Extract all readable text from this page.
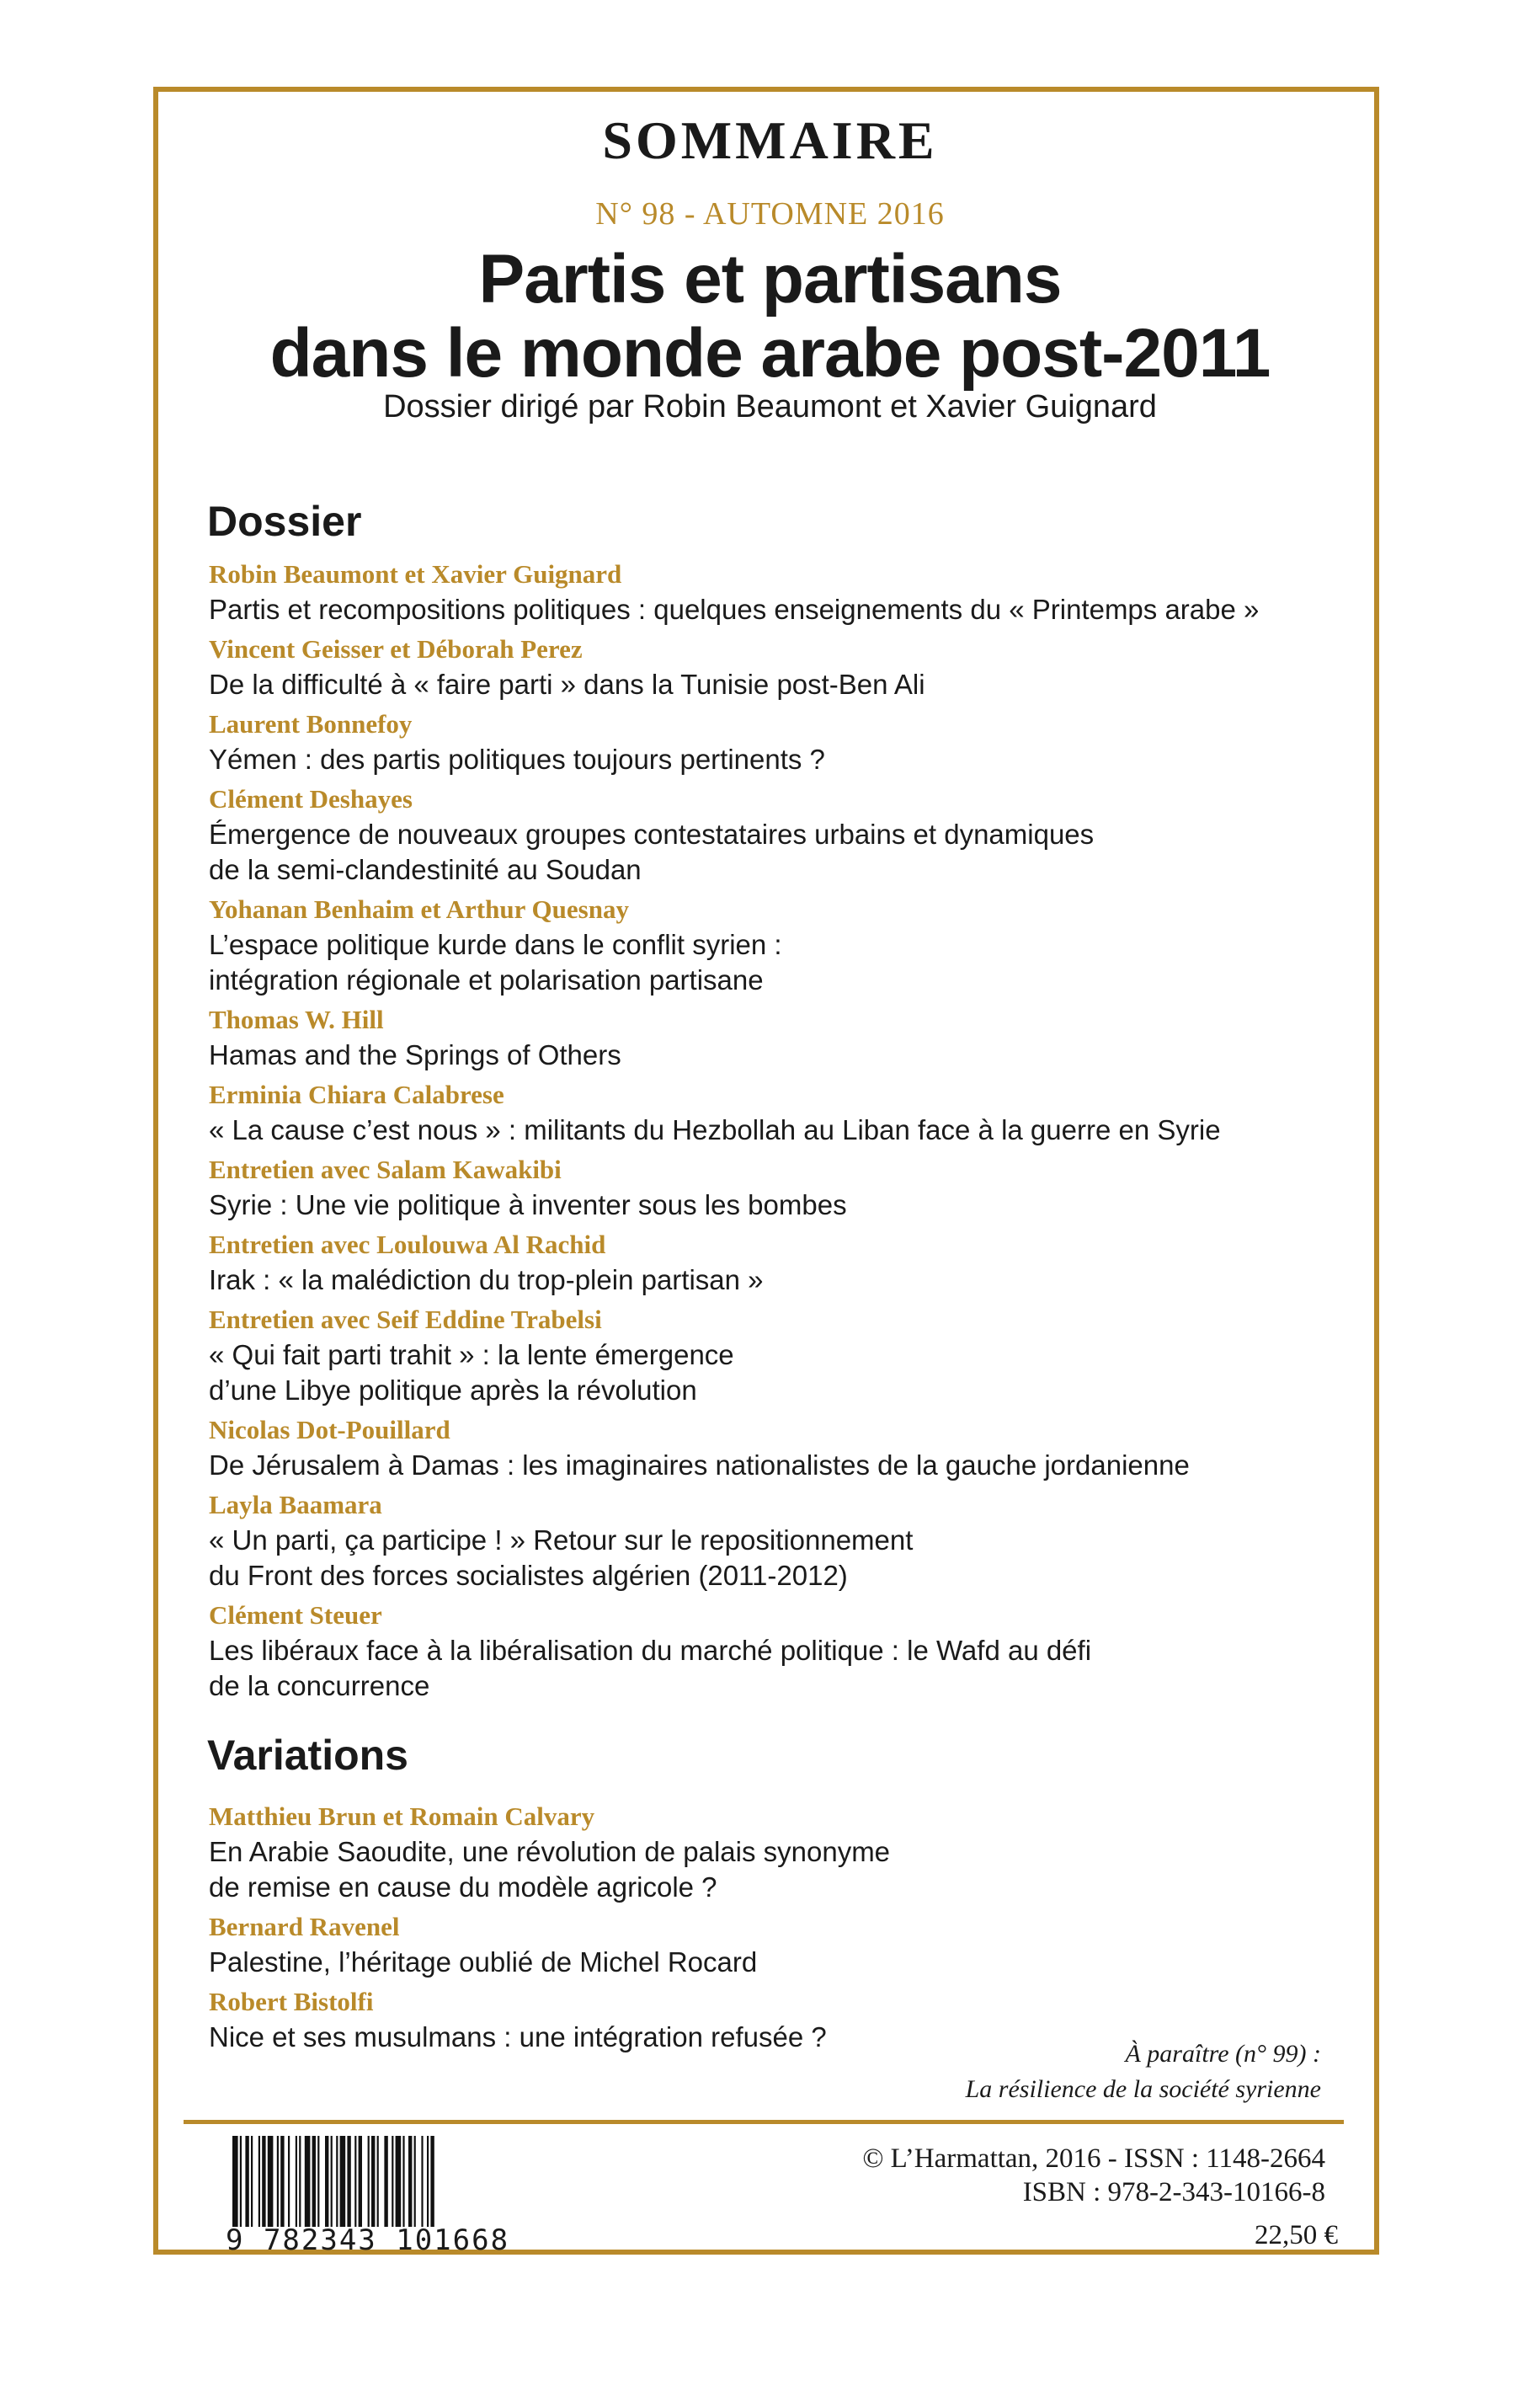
SOMMAIRE
N° 98 - AUTOMNE 2016
Partis et partisans
dans le monde arabe post-2011
Dossier dirigé par Robin Beaumont et Xavier Guignard
Dossier
Robin Beaumont et Xavier Guignard
Partis et recompositions politiques : quelques enseignements du « Printemps arabe »
Vincent Geisser et Déborah Perez
De la difficulté à « faire parti » dans la Tunisie post-Ben Ali
Laurent Bonnefoy
Yémen : des partis politiques toujours pertinents ?
Clément Deshayes
Émergence de nouveaux groupes contestataires urbains et dynamiques
de la semi-clandestinité au Soudan
Yohanan Benhaim et Arthur Quesnay
L’espace politique kurde dans le conflit syrien :
intégration régionale et polarisation partisane
Thomas W. Hill
Hamas and the Springs of Others
Erminia Chiara Calabrese
« La cause c’est nous » : militants du Hezbollah au Liban face à la guerre en Syrie
Entretien avec Salam Kawakibi
Syrie : Une vie politique à inventer sous les bombes
Entretien avec Loulouwa Al Rachid
Irak : « la malédiction du trop-plein partisan »
Entretien avec Seif Eddine Trabelsi
« Qui fait parti trahit » : la lente émergence
d’une Libye politique après la révolution
Nicolas Dot-Pouillard
De Jérusalem à Damas : les imaginaires nationalistes de la gauche jordanienne
Layla Baamara
« Un parti, ça participe ! » Retour sur le repositionnement
du Front des forces socialistes algérien (2011-2012)
Clément Steuer
Les libéraux face à la libéralisation du marché politique : le Wafd au défi
de la concurrence
Variations
Matthieu Brun et Romain Calvary
En Arabie Saoudite, une révolution de palais synonyme
de remise en cause du modèle agricole ?
Bernard Ravenel
Palestine, l’héritage oublié de Michel Rocard
Robert Bistolfi
Nice et ses musulmans : une intégration refusée ?
À paraître (n° 99) :
La résilience de la société syrienne
9 782343 101668
© L’Harmattan, 2016 - ISSN : 1148-2664
ISBN : 978-2-343-10166-8
22,50 €
